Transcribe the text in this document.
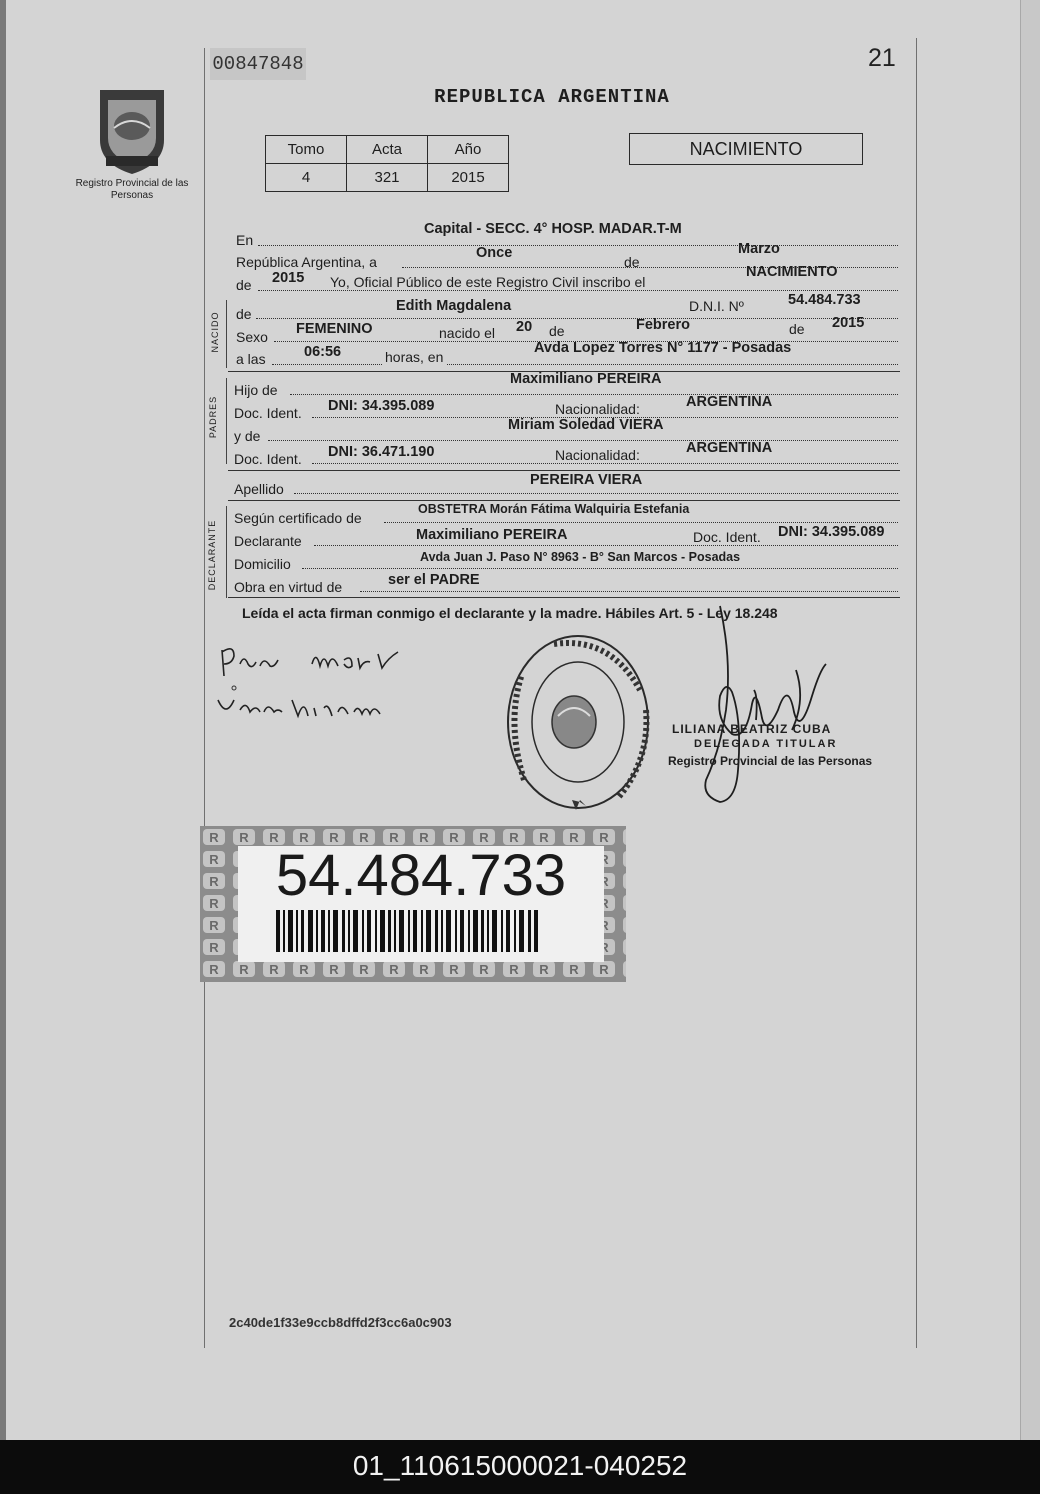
00847848	21
REPUBLICA ARGENTINA
Registro Provincial de las Personas
Tomo	Acta	Año
4	321	2015
NACIMIENTO
En
Capital - SECC. 4° HOSP. MADAR.T-M
República Argentina, a
Once
de
Marzo
de 2015 Yo, Oficial Público de este Registro Civil inscribo el
NACIMIENTO
NACIDO de	Edith Magdalena	D.N.I. Nº	54.484.733
Sexo FEMENINO	nacido el 20 de	Febrero	de 2015
a las	06:56	horas, en
Avda Lopez Torres N° 1177 - Posadas
PADRES
Hijo de
Maximiliano PEREIRA
Doc. Ident. DNI: 34.395.089	Nacionalidad:	ARGENTINA
y de
Miriam Soledad VIERA
Doc. Ident. DNI: 36.471.190	Nacionalidad:	ARGENTINA
Apellido
PEREIRA VIERA
DECLARANTE
Según certificado de
OBSTETRA Morán Fátima Walquiria Estefania
Declarante	Maximiliano PEREIRA	Doc. Ident. DNI: 34.395.089
Domicilio	Avda Juan J. Paso N° 8963 - B° San Marcos - Posadas
Obra en virtud de	ser el PADRE
Leída el acta firman conmigo el declarante y la madre. Hábiles Art. 5 - Ley 18.248
LILIANA BEATRIZ CUBA
DELEGADA TITULAR
Registro Provincial de las Personas
54.484.733
2c40de1f33e9ccb8dffd2f3cc6a0c903
01_110615000021-040252
